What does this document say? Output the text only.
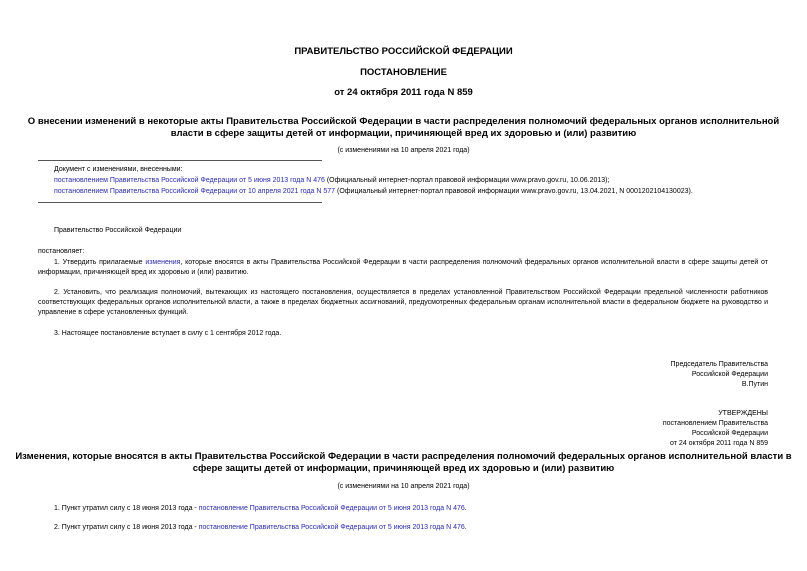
ПРАВИТЕЛЬСТВО РОССИЙСКОЙ ФЕДЕРАЦИИ
ПОСТАНОВЛЕНИЕ
от 24 октября 2011 года N 859
О внесении изменений в некоторые акты Правительства Российской Федерации в части распределения полномочий федеральных органов исполнительной
власти в сфере защиты детей от информации, причиняющей вред их здоровью и (или) развитию
(с изменениями на 10 апреля 2021 года)
Документ с изменениями, внесенными:
постановлением Правительства Российской Федерации от 5 июня 2013 года N 476 (Официальный интернет-портал правовой информации www.pravo.gov.ru, 10.06.2013);
постановлением Правительства Российской Федерации от 10 апреля 2021 года N 577 (Официальный интернет-портал правовой информации www.pravo.gov.ru, 13.04.2021, N 0001202104130023).
Правительство Российской Федерации
постановляет:
1. Утвердить прилагаемые изменения, которые вносятся в акты Правительства Российской Федерации в части распределения полномочий федеральных органов исполнительной власти в сфере защиты детей от информации, причиняющей вред их здоровью и (или) развитию.
2. Установить, что реализация полномочий, вытекающих из настоящего постановления, осуществляется в пределах установленной Правительством Российской Федерации предельной численности работников соответствующих федеральных органов исполнительной власти, а также в пределах бюджетных ассигнований, предусмотренных федеральным органам исполнительной власти в федеральном бюджете на руководство и управление в сфере установленных функций.
3. Настоящее постановление вступает в силу с 1 сентября 2012 года.
Председатель Правительства
Российской Федерации
В.Путин
УТВЕРЖДЕНЫ
постановлением Правительства
Российской Федерации
от 24 октября 2011 года N 859
Изменения, которые вносятся в акты Правительства Российской Федерации в части распределения полномочий федеральных органов исполнительной власти в
сфере защиты детей от информации, причиняющей вред их здоровью и (или) развитию
(с изменениями на 10 апреля 2021 года)
1. Пункт утратил силу с 18 июня 2013 года - постановление Правительства Российской Федерации от 5 июня 2013 года N 476.
2. Пункт утратил силу с 18 июня 2013 года - постановление Правительства Российской Федерации от 5 июня 2013 года N 476.
